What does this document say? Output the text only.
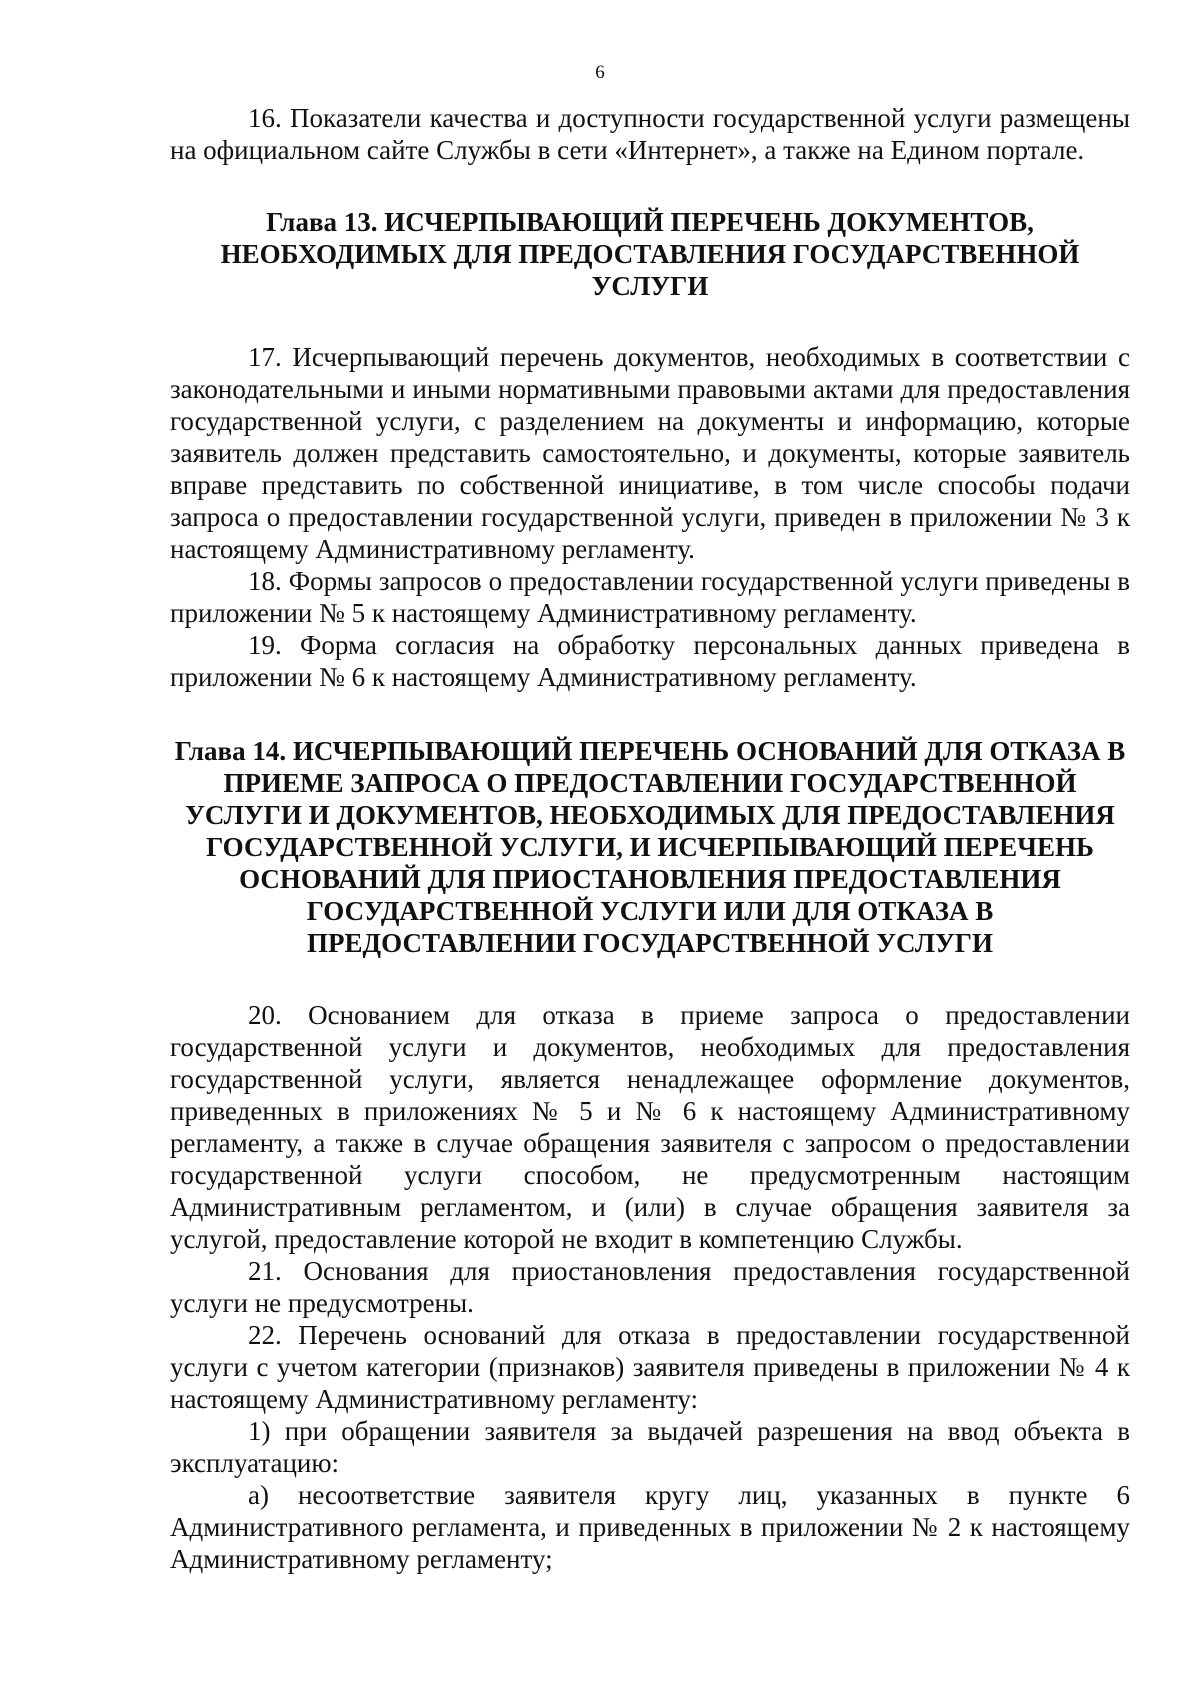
6

16. Показатели качества и доступности государственной услуги размещены на официальном сайте Службы в сети «Интернет», а также на Едином портале.

Глава 13. ИСЧЕРПЫВАЮЩИЙ ПЕРЕЧЕНЬ ДОКУМЕНТОВ, НЕОБХОДИМЫХ ДЛЯ ПРЕДОСТАВЛЕНИЯ ГОСУДАРСТВЕННОЙ УСЛУГИ

17. Исчерпывающий перечень документов, необходимых в соответствии с законодательными и иными нормативными правовыми актами для предоставления государственной услуги, с разделением на документы и информацию, которые заявитель должен представить самостоятельно, и документы, которые заявитель вправе представить по собственной инициативе, в том числе способы подачи запроса о предоставлении государственной услуги, приведен в приложении № 3 к настоящему Административному регламенту.

18. Формы запросов о предоставлении государственной услуги приведены в приложении № 5 к настоящему Административному регламенту.

19. Форма согласия на обработку персональных данных приведена в приложении № 6 к настоящему Административному регламенту.

Глава 14. ИСЧЕРПЫВАЮЩИЙ ПЕРЕЧЕНЬ ОСНОВАНИЙ ДЛЯ ОТКАЗА В ПРИЕМЕ ЗАПРОСА О ПРЕДОСТАВЛЕНИИ ГОСУДАРСТВЕННОЙ УСЛУГИ И ДОКУМЕНТОВ, НЕОБХОДИМЫХ ДЛЯ ПРЕДОСТАВЛЕНИЯ ГОСУДАРСТВЕННОЙ УСЛУГИ, И ИСЧЕРПЫВАЮЩИЙ ПЕРЕЧЕНЬ ОСНОВАНИЙ ДЛЯ ПРИОСТАНОВЛЕНИЯ ПРЕДОСТАВЛЕНИЯ ГОСУДАРСТВЕННОЙ УСЛУГИ ИЛИ ДЛЯ ОТКАЗА В ПРЕДОСТАВЛЕНИИ ГОСУДАРСТВЕННОЙ УСЛУГИ

20. Основанием для отказа в приеме запроса о предоставлении государственной услуги и документов, необходимых для предоставления государственной услуги, является ненадлежащее оформление документов, приведенных в приложениях № 5 и № 6 к настоящему Административному регламенту, а также в случае обращения заявителя с запросом о предоставлении государственной услуги способом, не предусмотренным настоящим Административным регламентом, и (или) в случае обращения заявителя за услугой, предоставление которой не входит в компетенцию Службы.

21. Основания для приостановления предоставления государственной услуги не предусмотрены.

22. Перечень оснований для отказа в предоставлении государственной услуги с учетом категории (признаков) заявителя приведены в приложении № 4 к настоящему Административному регламенту:

1) при обращении заявителя за выдачей разрешения на ввод объекта в эксплуатацию:

а) несоответствие заявителя кругу лиц, указанных в пункте 6 Административного регламента, и приведенных в приложении № 2 к настоящему Административному регламенту;
